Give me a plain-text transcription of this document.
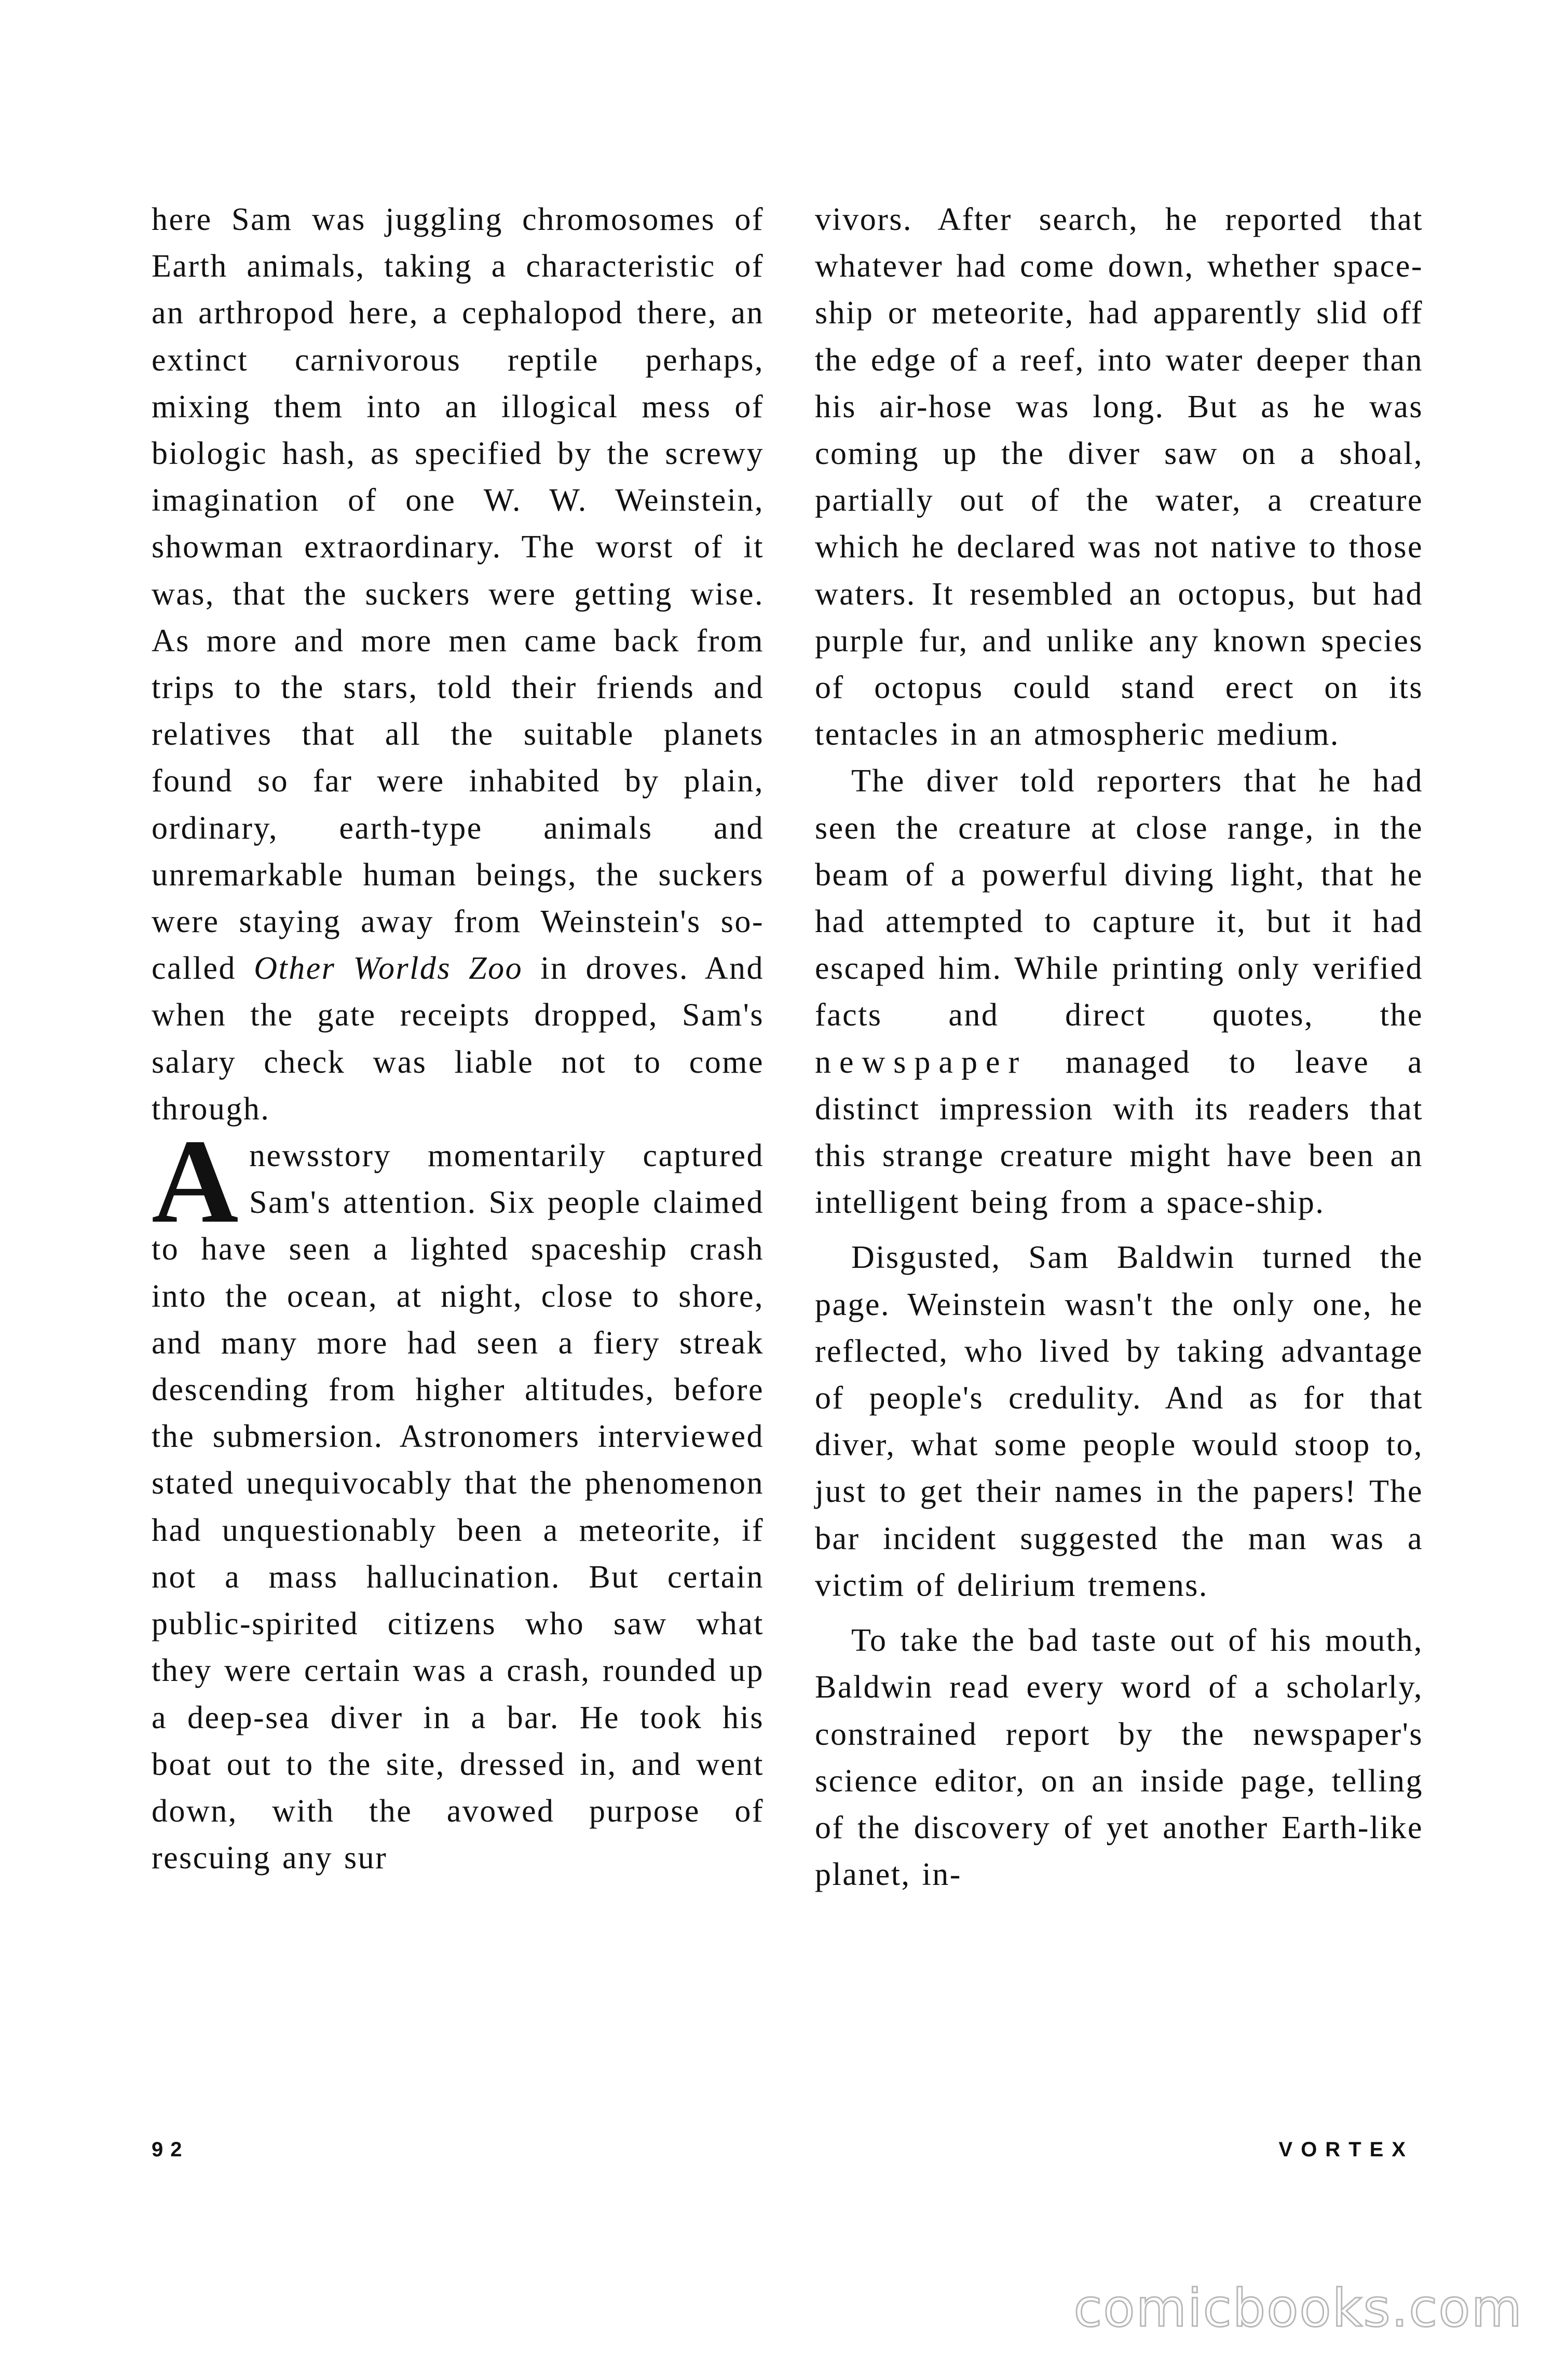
here Sam was juggling chromosomes of Earth animals, taking a characteristic of an arthropod here, a cephalopod there, an extinct carnivorous reptile perhaps, mixing them into an illogical mess of biologic hash, as specified by the screwy imagination of one W. W. Weinstein, showman extraordinary. The worst of it was, that the suckers were getting wise. As more and more men came back from trips to the stars, told their friends and relatives that all the suitable planets found so far were inhabited by plain, ordinary, earth-type animals and unremarkable human beings, the suckers were staying away from Weinstein's so-called Other Worlds Zoo in droves. And when the gate receipts dropped, Sam's salary check was liable not to come through.

Anewsstory momentarily captured Sam's attention. Six people claimed to have seen a lighted spaceship crash into the ocean, at night, close to shore, and many more had seen a fiery streak descending from higher altitudes, before the submersion. Astronomers interviewed stated unequivocably that the phenomenon had unquestionably been a meteorite, if not a mass hallucination. But certain public-spirited citizens who saw what they were certain was a crash, rounded up a deep-sea diver in a bar. He took his boat out to the site, dressed in, and went down, with the avowed purpose of rescuing any sur

vivors. After search, he reported that whatever had come down, whether space-ship or meteorite, had apparently slid off the edge of a reef, into water deeper than his air-hose was long. But as he was coming up the diver saw on a shoal, partially out of the water, a creature which he declared was not native to those waters. It resembled an octopus, but had purple fur, and unlike any known species of octopus could stand erect on its tentacles in an atmospheric medium.

The diver told reporters that he had seen the creature at close range, in the beam of a powerful diving light, that he had attempted to capture it, but it had escaped him. While printing only verified facts and direct quotes, the newspaper managed to leave a distinct impression with its readers that this strange creature might have been an intelligent being from a space-ship.

Disgusted, Sam Baldwin turned the page. Weinstein wasn't the only one, he reflected, who lived by taking advantage of people's credulity. And as for that diver, what some people would stoop to, just to get their names in the papers! The bar incident suggested the man was a victim of delirium tremens.

To take the bad taste out of his mouth, Baldwin read every word of a scholarly, constrained report by the newspaper's science editor, on an inside page, telling of the discovery of yet another Earth-like planet, in-

92	VORTEX
comicbooks.com
